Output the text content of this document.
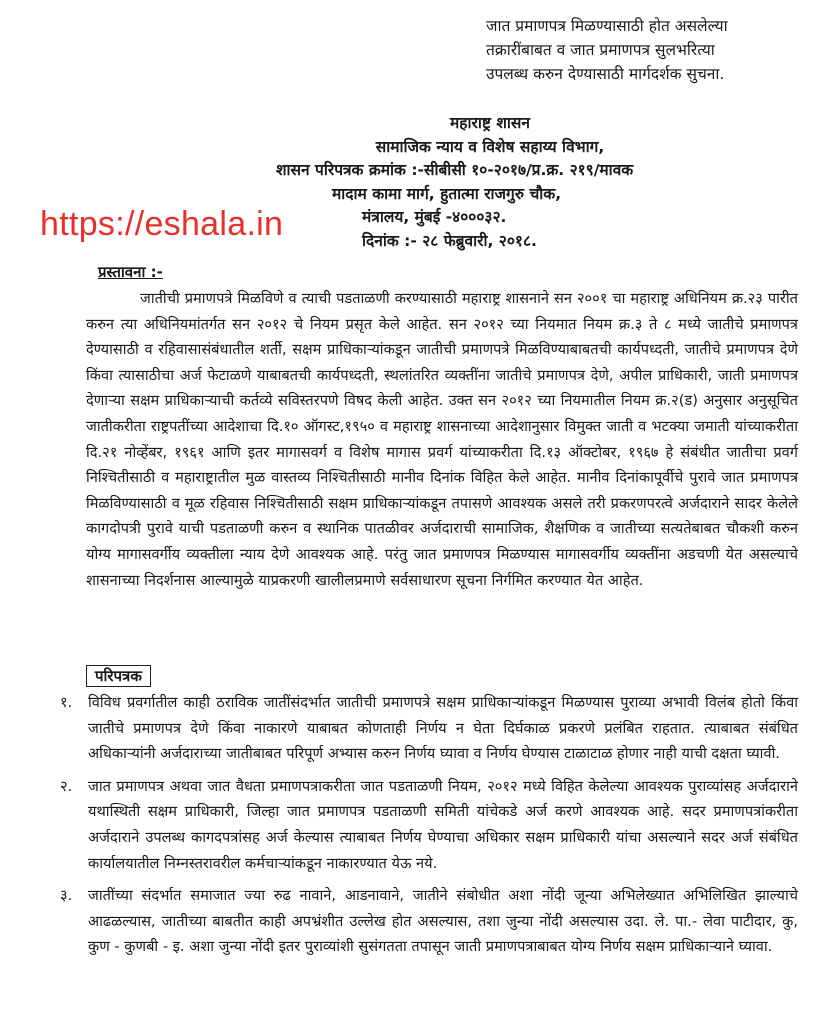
जात प्रमाणपत्र मिळण्यासाठी होत असलेल्या
तक्रारींबाबत व जात प्रमाणपत्र सुलभरित्या
उपलब्ध करुन देण्यासाठी मार्गदर्शक सुचना.
महाराष्ट्र शासन
सामाजिक न्याय व विशेष सहाय्य विभाग,
शासन परिपत्रक क्रमांक :-सीबीसी १०-२०१७/प्र.क्र. २१९/मावक
मादाम कामा मार्ग, हुतात्मा राजगुरु चौक,
मंत्रालय, मुंबई -४०००३२.
दिनांक :- २८ फेब्रुवारी, २०१८.
https://eshala.in
प्रस्तावना :-

जातीची प्रमाणपत्रे मिळविणे व त्याची पडताळणी करण्यासाठी महाराष्ट्र शासनाने सन २००१ चा महाराष्ट्र अधिनियम क्र.२३ पारीत करुन त्या अधिनियमांतर्गत सन २०१२ चे नियम प्रसृत केले आहेत. सन २०१२ च्या नियमात नियम क्र.३ ते ८ मध्ये जातीचे प्रमाणपत्र देण्यासाठी व रहिवासासंबंधातील शर्ती, सक्षम प्राधिकाऱ्यांकडून जातीची प्रमाणपत्रे मिळविण्याबाबतची कार्यपध्दती, जातीचे प्रमाणपत्र देणे किंवा त्यासाठीचा अर्ज फेटाळणे याबाबतची कार्यपध्दती, स्थलांतरित व्यक्तींना जातीचे प्रमाणपत्र देणे, अपील प्राधिकारी, जाती प्रमाणपत्र देणाऱ्या सक्षम प्राधिकाऱ्याची कर्तव्ये सविस्तरपणे विषद केली आहेत. उक्त सन २०१२ च्या नियमातील नियम क्र.२(ड) अनुसार अनुसूचित जातीकरीता राष्ट्रपतींच्या आदेशाचा दि.१० ऑगस्ट,१९५० व महाराष्ट्र शासनाच्या आदेशानुसार विमुक्त जाती व भटक्या जमाती यांच्याकरीता दि.२१ नोव्हेंबर, १९६१ आणि इतर मागासवर्ग व विशेष मागास प्रवर्ग यांच्याकरीता दि.१३ ऑक्टोबर, १९६७ हे संबंधीत जातीचा प्रवर्ग निश्चितीसाठी व महाराष्ट्रातील मुळ वास्तव्य निश्चितीसाठी मानीव दिनांक विहित केले आहेत. मानीव दिनांकापूर्वीचे पुरावे जात प्रमाणपत्र मिळविण्यासाठी व मूळ रहिवास निश्चितीसाठी सक्षम प्राधिकाऱ्यांकडून तपासणे आवश्यक असले तरी प्रकरणपरत्वे अर्जदाराने सादर केलेले कागदोपत्री पुरावे याची पडताळणी करुन व स्थानिक पातळीवर अर्जदाराची सामाजिक, शैक्षणिक व जातीच्या सत्यतेबाबत चौकशी करुन योग्य मागासवर्गीय व्यक्तीला न्याय देणे आवश्यक आहे. परंतु जात प्रमाणपत्र मिळण्यास मागासवर्गीय व्यक्तींना अडचणी येत असल्याचे शासनाच्या निदर्शनास आल्यामुळे याप्रकरणी खालीलप्रमाणे सर्वसाधारण सूचना निर्गमित करण्यात येत आहेत.

परिपत्रक
१. विविध प्रवर्गातील काही ठराविक जातींसंदर्भात जातीची प्रमाणपत्रे सक्षम प्राधिकाऱ्यांकडून मिळण्यास पुराव्या अभावी विलंब होतो किंवा जातीचे प्रमाणपत्र देणे किंवा नाकारणे याबाबत कोणताही निर्णय न घेता दिर्घकाळ प्रकरणे प्रलंबित राहतात. त्याबाबत संबंधित अधिकाऱ्यांनी अर्जदाराच्या जातीबाबत परिपूर्ण अभ्यास करुन निर्णय घ्यावा व निर्णय घेण्यास टाळाटाळ होणार नाही याची दक्षता घ्यावी.
२. जात प्रमाणपत्र अथवा जात वैधता प्रमाणपत्राकरीता जात पडताळणी नियम, २०१२ मध्ये विहित केलेल्या आवश्यक पुराव्यांसह अर्जदाराने यथास्थिती सक्षम प्राधिकारी, जिल्हा जात प्रमाणपत्र पडताळणी समिती यांचेकडे अर्ज करणे आवश्यक आहे. सदर प्रमाणपत्रांकरीता अर्जदाराने उपलब्ध कागदपत्रांसह अर्ज केल्यास त्याबाबत निर्णय घेण्याचा अधिकार सक्षम प्राधिकारी यांचा असल्याने सदर अर्ज संबंधित कार्यालयातील निम्नस्तरावरील कर्मचाऱ्यांकडून नाकारण्यात येऊ नये.
३. जातींच्या संदर्भात समाजात ज्या रुढ नावाने, आडनावाने, जातीने संबोधीत अशा नोंदी जून्या अभिलेख्यात अभिलिखित झाल्याचे आढळल्यास, जातीच्या बाबतीत काही अपभ्रंशीत उल्लेख होत असल्यास, तशा जुन्या नोंदी असल्यास उदा. ले. पा.- लेवा पाटीदार, कु, कुण - कुणबी - इ. अशा जुन्या नोंदी इतर पुराव्यांशी सुसंगतता तपासून जाती प्रमाणपत्राबाबत योग्य निर्णय सक्षम प्राधिकाऱ्याने घ्यावा.
